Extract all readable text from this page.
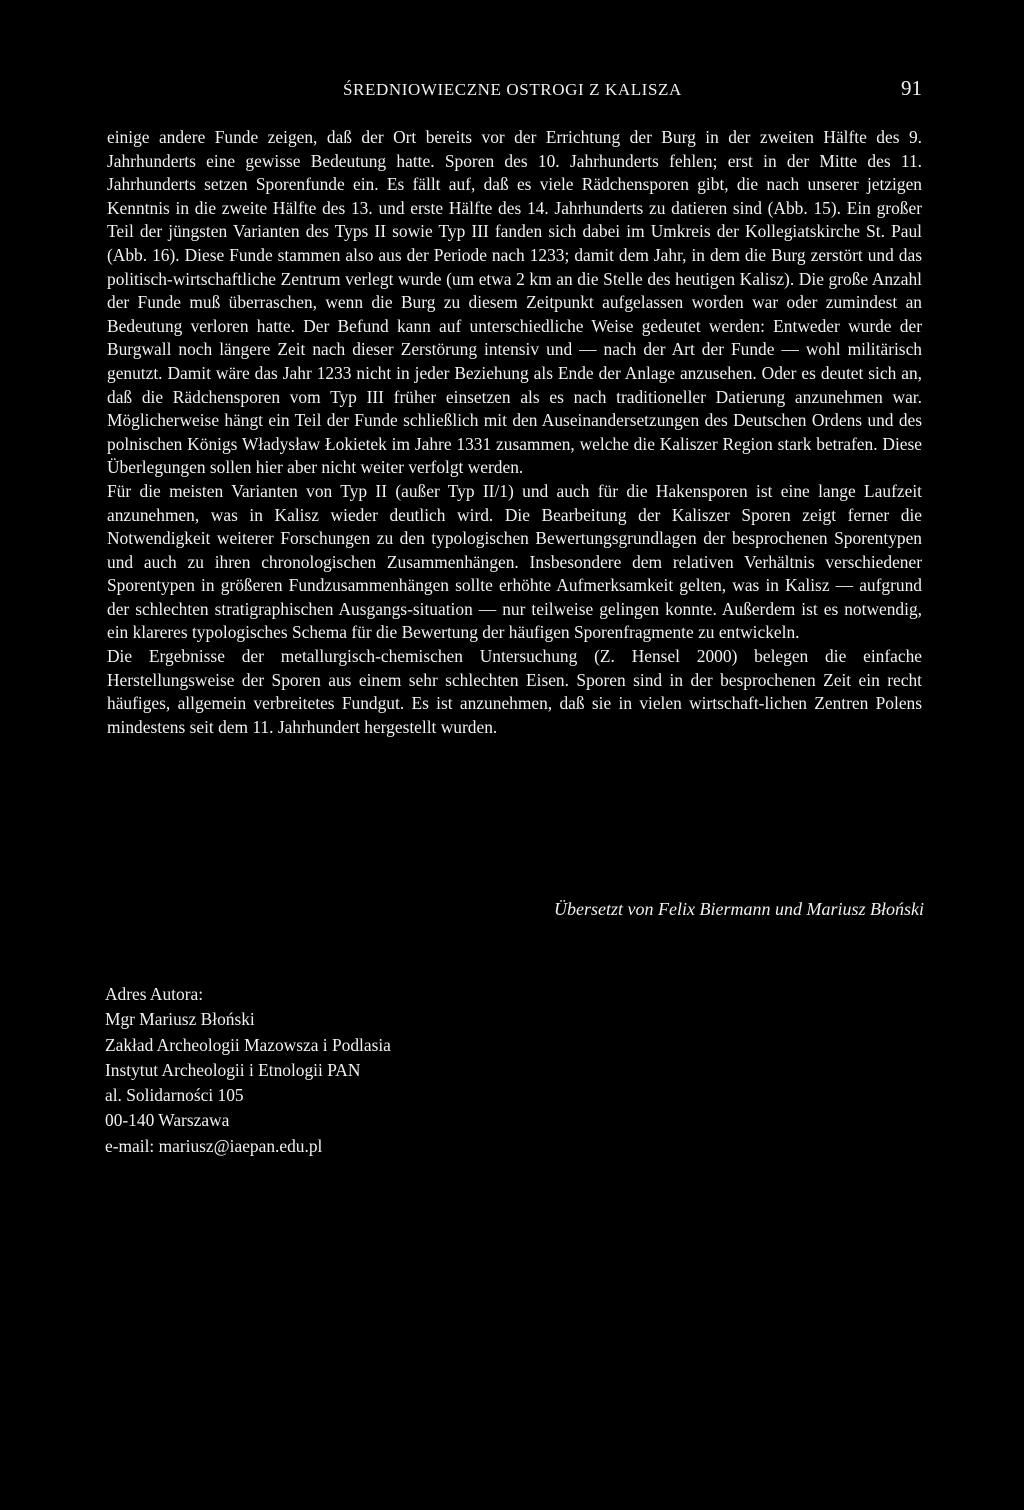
ŚREDNIOWIECZNE OSTROGI Z KALISZA	91

einige andere Funde zeigen, daß der Ort bereits vor der Errichtung der Burg in der zweiten Hälfte des 9. Jahrhunderts eine gewisse Bedeutung hatte. Sporen des 10. Jahrhunderts fehlen; erst in der Mitte des 11. Jahrhunderts setzen Sporenfunde ein. Es fällt auf, daß es viele Rädchensporen gibt, die nach unserer jetzigen Kenntnis in die zweite Hälfte des 13. und erste Hälfte des 14. Jahrhunderts zu datieren sind (Abb. 15). Ein großer Teil der jüngsten Varianten des Typs II sowie Typ III fanden sich dabei im Umkreis der Kollegiatskirche St. Paul (Abb. 16). Diese Funde stammen also aus der Periode nach 1233; damit dem Jahr, in dem die Burg zerstört und das politisch-wirtschaftliche Zentrum verlegt wurde (um etwa 2 km an die Stelle des heutigen Kalisz). Die große Anzahl der Funde muß überraschen, wenn die Burg zu diesem Zeitpunkt aufgelassen worden war oder zumindest an Bedeutung verloren hatte. Der Befund kann auf unterschiedliche Weise gedeutet werden: Entweder wurde der Burgwall noch längere Zeit nach dieser Zerstörung intensiv und — nach der Art der Funde — wohl militärisch genutzt. Damit wäre das Jahr 1233 nicht in jeder Beziehung als Ende der Anlage anzusehen. Oder es deutet sich an, daß die Rädchensporen vom Typ III früher einsetzen als es nach traditioneller Datierung anzunehmen war. Möglicherweise hängt ein Teil der Funde schließlich mit den Auseinandersetzungen des Deutschen Ordens und des polnischen Königs Władysław Łokietek im Jahre 1331 zusammen, welche die Kaliszer Region stark betrafen. Diese Überlegungen sollen hier aber nicht weiter verfolgt werden.

Für die meisten Varianten von Typ II (außer Typ II/1) und auch für die Hakensporen ist eine lange Laufzeit anzunehmen, was in Kalisz wieder deutlich wird. Die Bearbeitung der Kaliszer Sporen zeigt ferner die Notwendigkeit weiterer Forschungen zu den typologischen Bewertungsgrundlagen der besprochenen Sporentypen und auch zu ihren chronologischen Zusammenhängen. Insbesondere dem relativen Verhältnis verschiedener Sporentypen in größeren Fundzusammenhängen sollte erhöhte Aufmerksamkeit gelten, was in Kalisz — aufgrund der schlechten stratigraphischen Ausgangs-situation — nur teilweise gelingen konnte. Außerdem ist es notwendig, ein klareres typologisches Schema für die Bewertung der häufigen Sporenfragmente zu entwickeln.

Die Ergebnisse der metallurgisch-chemischen Untersuchung (Z. Hensel 2000) belegen die einfache Herstellungsweise der Sporen aus einem sehr schlechten Eisen. Sporen sind in der besprochenen Zeit ein recht häufiges, allgemein verbreitetes Fundgut. Es ist anzunehmen, daß sie in vielen wirtschaft-lichen Zentren Polens mindestens seit dem 11. Jahrhundert hergestellt wurden.

Übersetzt von Felix Biermann und Mariusz Błoński
Adres Autora:
Mgr Mariusz Błoński
Zakład Archeologii Mazowsza i Podlasia
Instytut Archeologii i Etnologii PAN
al. Solidarności 105
00-140 Warszawa
e-mail: mariusz@iaepan.edu.pl
